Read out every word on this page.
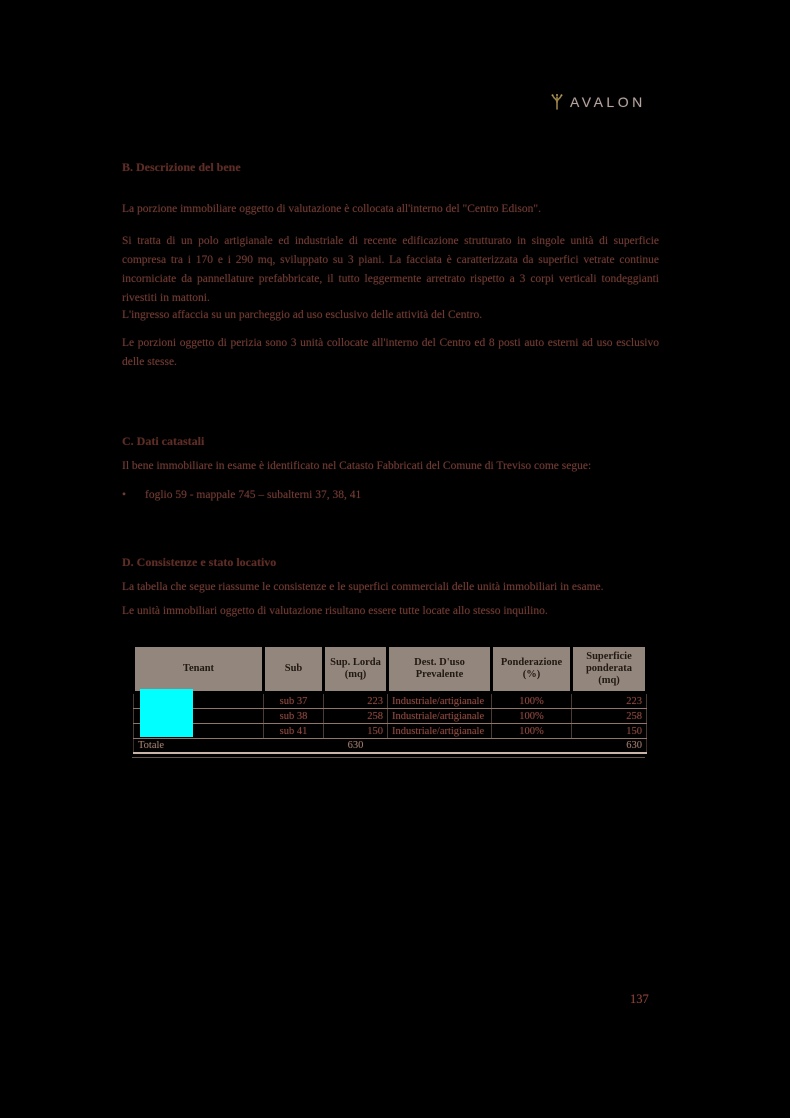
AVALON
B. Descrizione del bene

La porzione immobiliare oggetto di valutazione è collocata all'interno del "Centro Edison".

Si tratta di un polo artigianale ed industriale di recente edificazione strutturato in singole unità di superficie compresa tra i 170 e i 290 mq, sviluppato su 3 piani. La facciata è caratterizzata da superfici vetrate continue incorniciate da pannellature prefabbricate, il tutto leggermente arretrato rispetto a 3 corpi verticali tondeggianti rivestiti in mattoni.

L'ingresso affaccia su un parcheggio ad uso esclusivo delle attività del Centro.

Le porzioni oggetto di perizia sono 3 unità collocate all'interno del Centro ed 8 posti auto esterni ad uso esclusivo delle stesse.

C. Dati catastali

Il bene immobiliare in esame è identificato nel Catasto Fabbricati del Comune di Treviso come segue:

•	foglio 59 - mappale 745 – subalterni 37, 38, 41
D. Consistenze e stato locativo

La tabella che segue riassume le consistenze e le superfici commerciali delle unità immobiliari in esame.

Le unità immobiliari oggetto di valutazione risultano essere tutte locate allo stesso inquilino.

Tenant	Sub	Sup. Lorda (mq)	Dest. D'uso Prevalente	Ponderazione (%)	Superficie ponderata (mq)
	sub 37	223	Industriale/artigianale	100%	223
	sub 38	258	Industriale/artigianale	100%	258
	sub 41	150	Industriale/artigianale	100%	150
Totale		630			630
137
